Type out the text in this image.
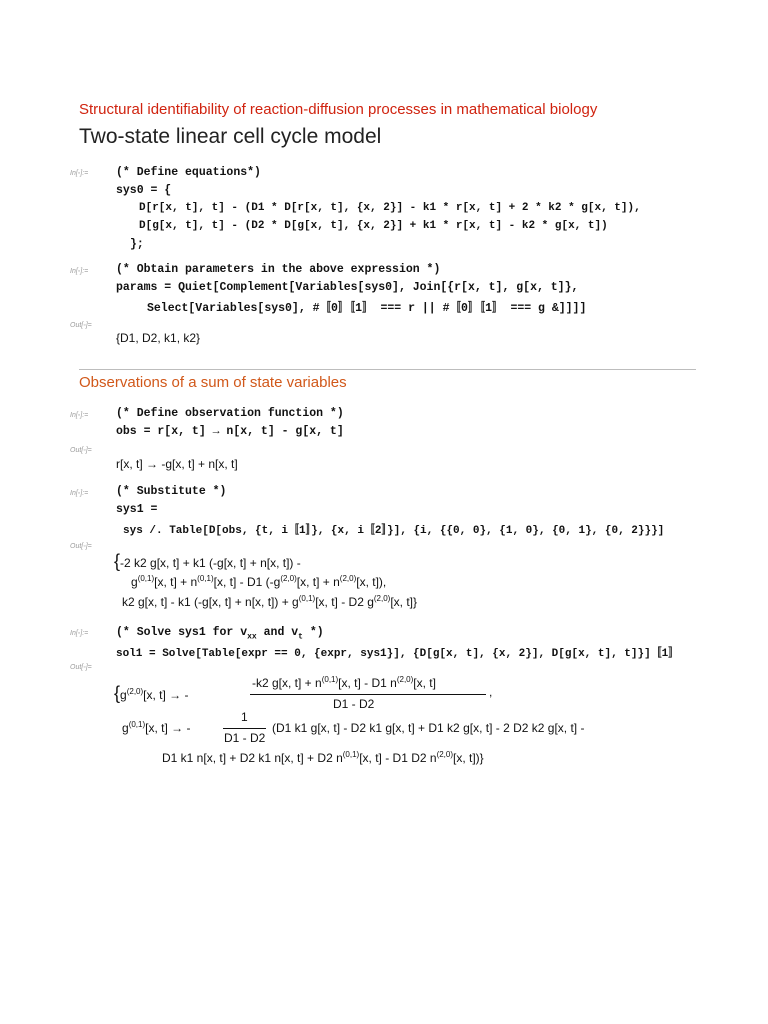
Structural identifiability of reaction-diffusion processes in mathematical biology
Two-state linear cell cycle model
In[◦]:= (* Define equations*)
sys0 = {
D[r[x, t], t] - (D1 * D[r[x, t], {x, 2}] - k1 * r[x, t] + 2 * k2 * g[x, t]),
D[g[x, t], t] - (D2 * D[g[x, t], {x, 2}] + k1 * r[x, t] - k2 * g[x, t])
};
In[◦]:= (* Obtain parameters in the above expression *)
params = Quiet[Complement[Variables[sys0], Join[{r[x, t], g[x, t]},
Select[Variables[sys0], #〚0〛〚1〛 === r || #〚0〛〚1〛 === g &]]]]
Out[◦]=
{D1, D2, k1, k2}
Observations of a sum of state variables
In[◦]:= (* Define observation function *)
obs = r[x, t] → n[x, t] - g[x, t]
Out[◦]=
r[x, t] → -g[x, t] + n[x, t]
In[◦]:= (* Substitute *)
sys1 =
sys /. Table[D[obs, {t, i〚1〛}, {x, i〚2〛}], {i, {{0, 0}, {1, 0}, {0, 1}, {0, 2}}}]
Out[◦]=
{-2 k2 g[x, t] + k1 (-g[x, t] + n[x, t]) -
$g^{(0,1)}[x$, $t] + n^{(0,1)}[x$, t] - D1 ($-g^{(2,0)}[x$, $t] + n^{(2,0)}[x$, t]),
k2 g[x, t] - k1 (-g[x, t] + n[x, $t]) + g^{(0,1)}[x$, t] - D2 $g^{(2,0)}[x$, t]}
In[◦]:= (* Solve sys1 for $v_{xx}$ and $v_t$ *)
sol1 = Solve[Table[expr == 0, {expr, sys1}], {D[g[x, t], {x, 2}], D[g[x, t], t]}]〚1〛
Out[◦]=
{$g^{(2,0)}[x$, t] → -
-k2 g[x, $t] + n^{(0,1)}[x$, t] - D1 $n^{(2,0)}[x$, t]
D1 - D2
,
$g^{(0,1)}[x$, t] → -
1
D1 - D2
(D1 k1 g[x, t] - D2 k1 g[x, t] + D1 k2 g[x, t] - 2 D2 k2 g[x, t] -
D1 k1 n[x, t] + D2 k1 n[x, t] + D2 $n^{(0,1)}[x$, t] - D1 D2 $n^{(2,0)}[x$, t])}
